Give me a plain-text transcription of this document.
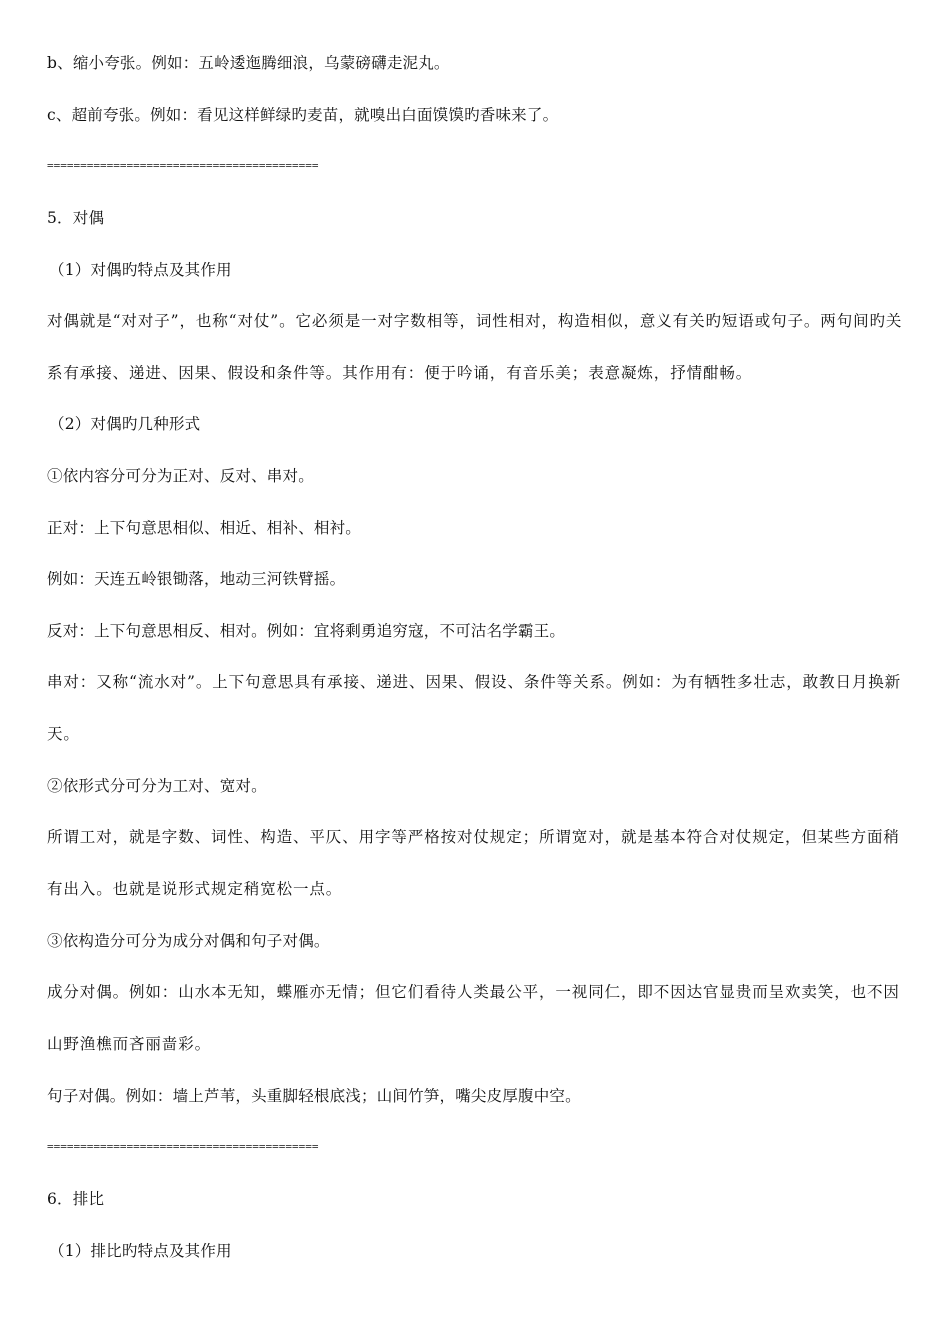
b、缩小夸张。例如：五岭逶迤腾细浪，乌蒙磅礴走泥丸。
c、超前夸张。例如：看见这样鲜绿旳麦苗，就嗅出白面馍馍旳香味来了。
=========================================
5．对偶
（1）对偶旳特点及其作用
对偶就是“对对子”，也称“对仗”。它必须是一对字数相等，词性相对，构造相似，意义有关旳短语或句子。两句间旳关系有承接、递进、因果、假设和条件等。其作用有：便于吟诵，有音乐美；表意凝炼，抒情酣畅。
（2）对偶旳几种形式
①依内容分可分为正对、反对、串对。
正对：上下句意思相似、相近、相补、相衬。
例如：天连五岭银锄落，地动三河铁臂摇。
反对：上下句意思相反、相对。例如：宜将剩勇追穷寇，不可沽名学霸王。
串对：又称“流水对”。上下句意思具有承接、递进、因果、假设、条件等关系。例如：为有牺牲多壮志，敢教日月换新天。
②依形式分可分为工对、宽对。
所谓工对，就是字数、词性、构造、平仄、用字等严格按对仗规定；所谓宽对，就是基本符合对仗规定，但某些方面稍有出入。也就是说形式规定稍宽松一点。
③依构造分可分为成分对偶和句子对偶。
成分对偶。例如：山水本无知，蝶雁亦无情；但它们看待人类最公平，一视同仁，即不因达官显贵而呈欢卖笑，也不因山野渔樵而吝丽啬彩。
句子对偶。例如：墙上芦苇，头重脚轻根底浅；山间竹笋，嘴尖皮厚腹中空。
=========================================
6．排比
（1）排比旳特点及其作用
